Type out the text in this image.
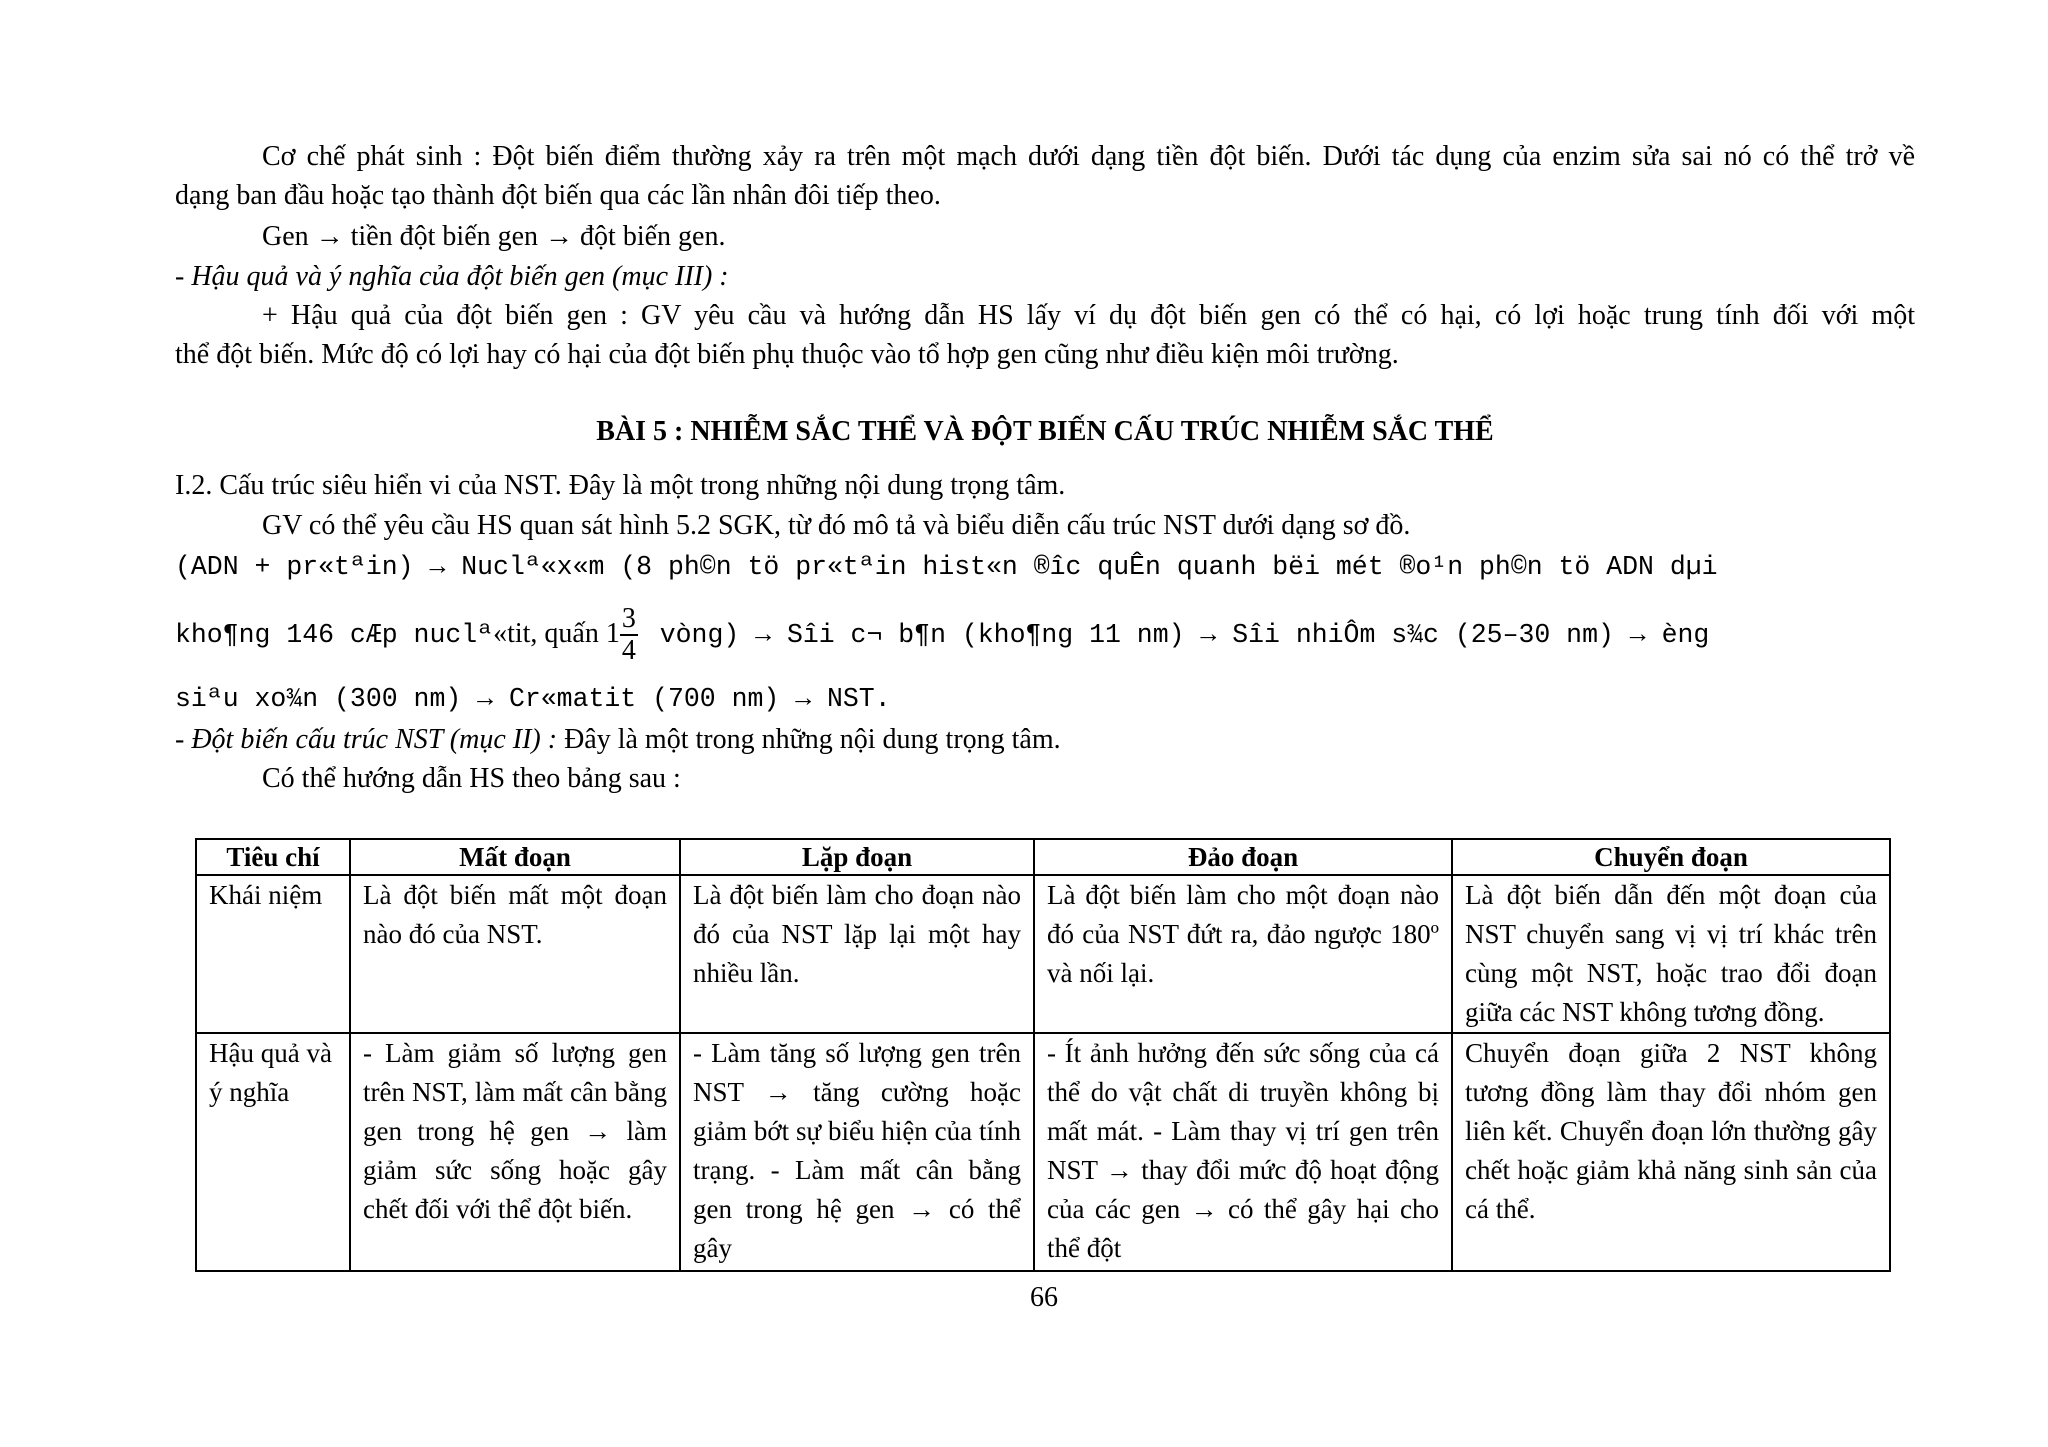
Cơ chế phát sinh : Đột biến điểm thường xảy ra trên một mạch dưới dạng tiền đột biến. Dưới tác dụng của enzim sửa sai nó có thể trở về
dạng ban đầu hoặc tạo thành đột biến qua các lần nhân đôi tiếp theo.
Gen → tiền đột biến gen → đột biến gen.
- Hậu quả và ý nghĩa của đột biến gen (mục III) :
+ Hậu quả của đột biến gen : GV yêu cầu và hướng dẫn HS lấy ví dụ đột biến gen có thể có hại, có lợi hoặc trung tính đối với một
thể đột biến. Mức độ có lợi hay có hại của đột biến phụ thuộc vào tổ hợp gen cũng như điều kiện môi trường.
BÀI 5 : NHIỄM SẮC THỂ VÀ ĐỘT BIẾN CẤU TRÚC NHIỄM SẮC THỂ
I.2. Cấu trúc siêu hiển vi của NST. Đây là một trong những nội dung trọng tâm.
GV có thể yêu cầu HS quan sát hình 5.2 SGK, từ đó mô tả và biểu diễn cấu trúc NST dưới dạng sơ đồ.
(ADN + pr«tªin) → Nuclª«x«m (8 ph©n tö pr«tªin hist«n ®îc quÊn quanh bëi mét ®o¹n ph©n tö ADN dµi
kho¶ng 146 cÆp nuclª«tit, quấn $1 \frac{3}{4}$ vòng) → Sîi c¬ b¶n (kho¶ng 11 nm) → Sîi nhiÔm s¾c (25–30 nm) → èng
siªu xo¾n (300 nm) → Cr«matit (700 nm) → NST.
- Đột biến cấu trúc NST (mục II) : Đây là một trong những nội dung trọng tâm.
Có thể hướng dẫn HS theo bảng sau :
Tiêu chí	Mất đoạn	Lặp đoạn	Đảo đoạn	Chuyển đoạn
Khái niệm	Là đột biến mất một đoạn nào đó của NST.	Là đột biến làm cho đoạn nào đó của NST lặp lại một hay nhiều lần.	Là đột biến làm cho một đoạn nào đó của NST đứt ra, đảo ngược 180º và nối lại.	Là đột biến dẫn đến một đoạn của NST chuyển sang vị vị trí khác trên cùng một NST, hoặc trao đổi đoạn giữa các NST không tương đồng.
Hậu quả và ý nghĩa	- Làm giảm số lượng gen trên NST, làm mất cân bằng gen trong hệ gen → làm giảm sức sống hoặc gây chết đối với thể đột biến.	- Làm tăng số lượng gen trên NST → tăng cường hoặc giảm bớt sự biểu hiện của tính trạng. - Làm mất cân bằng gen trong hệ gen → có thể gây	- Ít ảnh hưởng đến sức sống của cá thể do vật chất di truyền không bị mất mát. - Làm thay vị trí gen trên NST → thay đổi mức độ hoạt động của các gen → có thể gây hại cho thể đột	Chuyển đoạn giữa 2 NST không tương đồng làm thay đổi nhóm gen liên kết. Chuyển đoạn lớn thường gây chết hoặc giảm khả năng sinh sản của cá thể.
66
